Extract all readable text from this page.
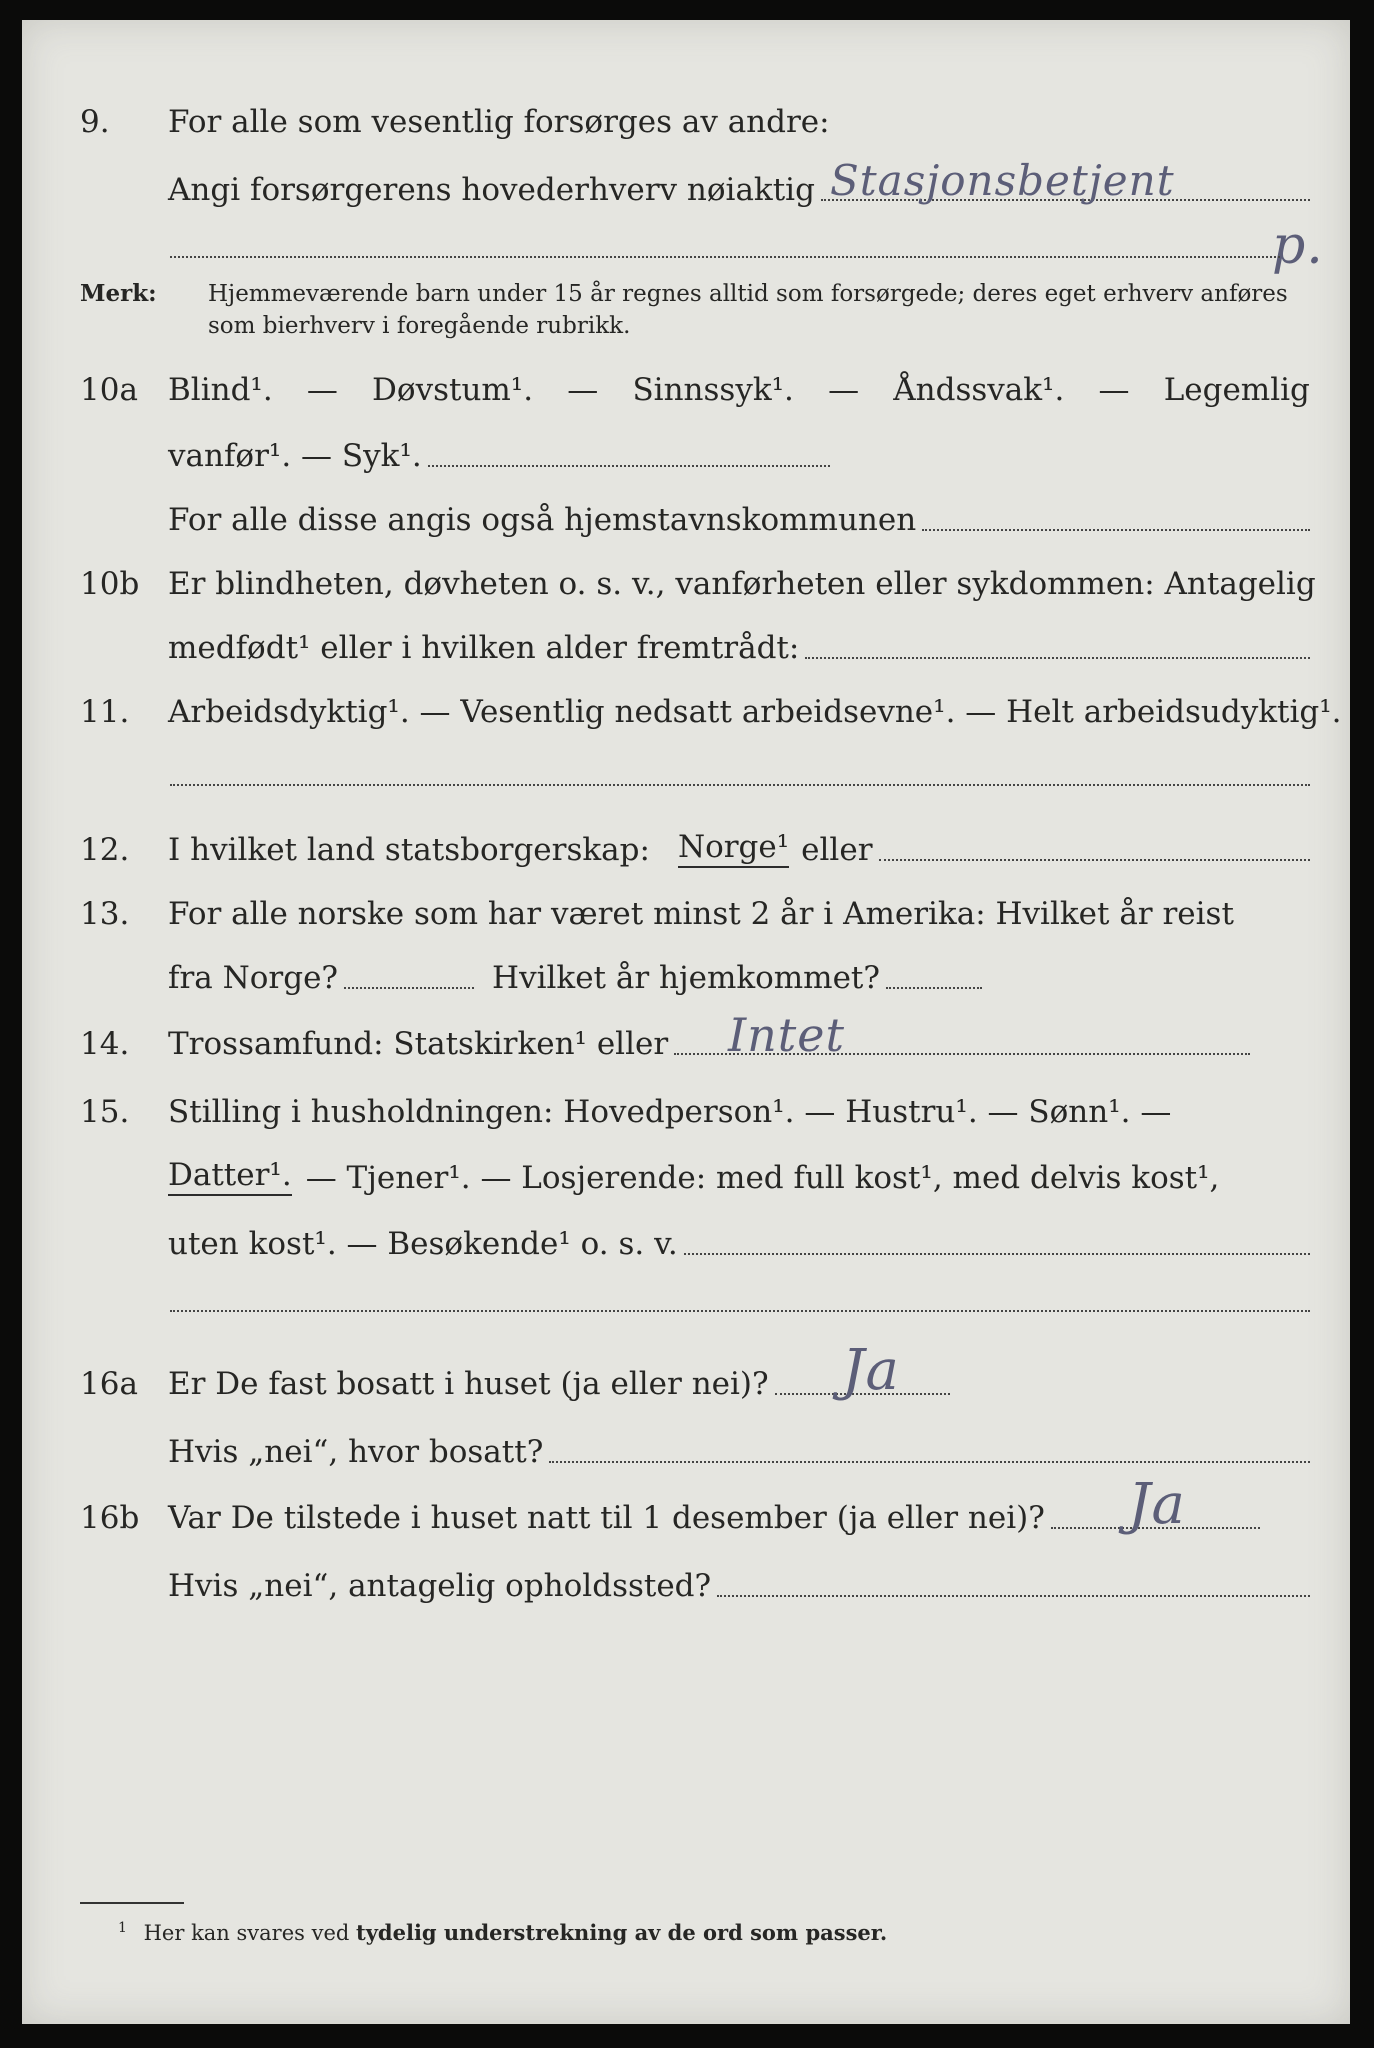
9. For alle som vesentlig forsørges av andre:
Angi forsørgerens hovederhverv nøiaktig Stasjonsbetjent
p.
Merk: Hjemmeværende barn under 15 år regnes alltid som forsørgede; deres eget erhverv anføres som bierhverv i foregående rubrikk.
10a Blind¹. — Døvstum¹. — Sinnssyk¹. — Åndssvak¹. — Legemlig
vanfør¹. — Syk¹.
For alle disse angis også hjemstavnskommunen
10b Er blindheten, døvheten o. s. v., vanførheten eller sykdommen: Antagelig
medfødt¹ eller i hvilken alder fremtrådt:
11. Arbeidsdyktig¹. — Vesentlig nedsatt arbeidsevne¹. — Helt arbeidsudyktig¹.
12. I hvilket land statsborgerskap: Norge¹ eller
13. For alle norske som har været minst 2 år i Amerika: Hvilket år reist
fra Norge?	Hvilket år hjemkommet?
14. Trossamfund: Statskirken¹ eller Intet
15. Stilling i husholdningen: Hovedperson¹. — Hustru¹. — Sønn¹. —
Datter¹. — Tjener¹. — Losjerende: med full kost¹, med delvis kost¹,
uten kost¹. — Besøkende¹ o. s. v.
16a Er De fast bosatt i huset (ja eller nei)? Ja
Hvis „nei“, hvor bosatt?
16b Var De tilstede i huset natt til 1 desember (ja eller nei)? Ja
Hvis „nei“, antagelig opholdssted?
$^1$ Her kan svares ved tydelig understrekning av de ord som passer.
